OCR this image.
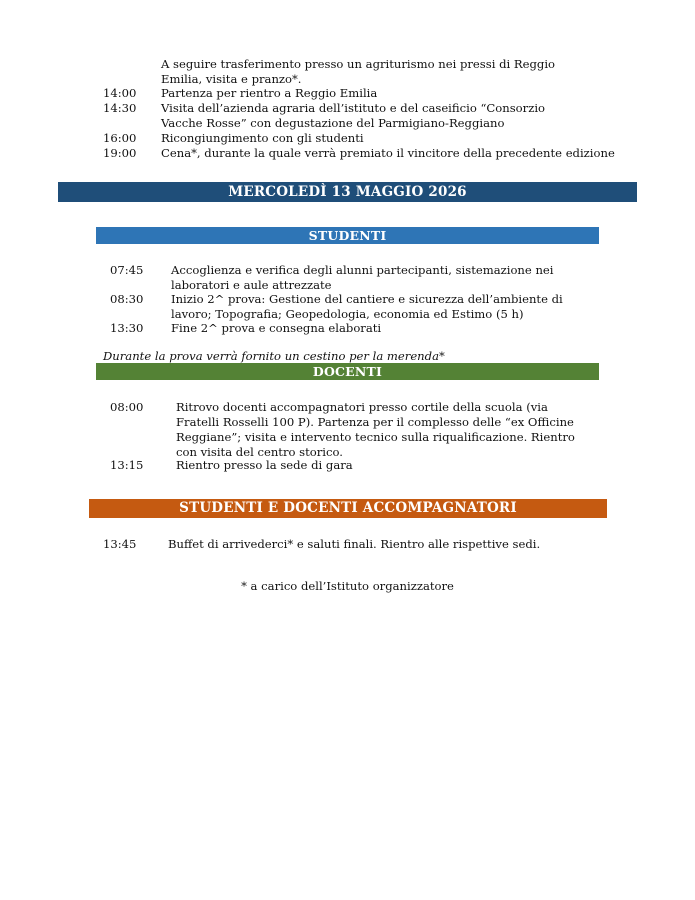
A seguire trasferimento presso un agriturismo nei pressi di Reggio Emilia, visita e pranzo*.
14:00	Partenza per rientro a Reggio Emilia
14:30	Visita dell’azienda agraria dell’istituto e del caseificio “Consorzio Vacche Rosse” con degustazione del Parmigiano-Reggiano
16:00	Ricongiungimento con gli studenti
19:00	Cena*, durante la quale verrà premiato il vincitore della precedente edizione
MERCOLEDÌ 13 MAGGIO 2026
STUDENTI
07:45	Accoglienza e verifica degli alunni partecipanti, sistemazione nei laboratori e aule attrezzate
08:30	Inizio 2^ prova: Gestione del cantiere e sicurezza dell’ambiente di lavoro; Topografia; Geopedologia, economia ed Estimo (5 h)
13:30	Fine 2^ prova e consegna elaborati
Durante la prova verrà fornito un cestino per la merenda*
DOCENTI
08:00	Ritrovo docenti accompagnatori presso cortile della scuola (via Fratelli Rosselli 100 P). Partenza per il complesso delle “ex Officine Reggiane”; visita e intervento tecnico sulla riqualificazione. Rientro con visita del centro storico.
13:15	Rientro presso la sede di gara
STUDENTI E DOCENTI ACCOMPAGNATORI
13:45	Buffet di arrivederci* e saluti finali. Rientro alle rispettive sedi.
* a carico dell’Istituto organizzatore
